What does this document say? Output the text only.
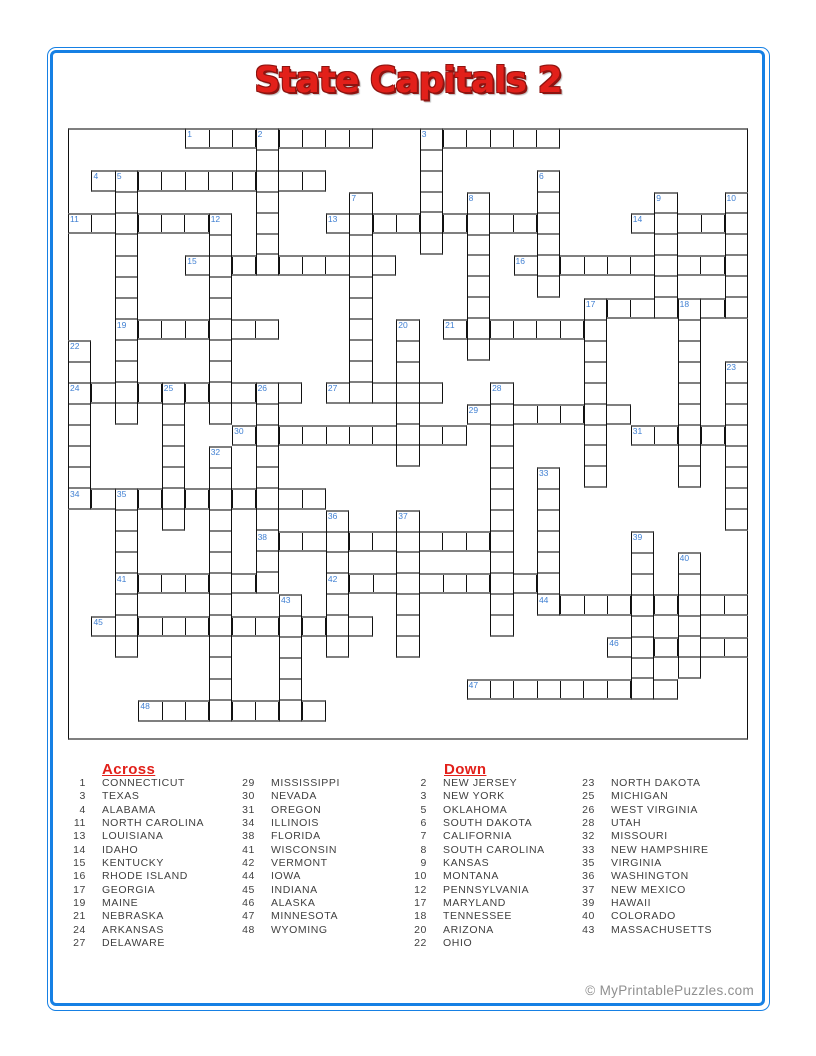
State Capitals 2
1	3
4
11	13	14
15	16
17
19	21
24	27
29
30	31
34
38
41	42
44
45
46
47
48
2
5	6
7	8	9	10
12
18
20
22
23
25	26	28
32
33
35
36	37
39
40
43
Across
1 CONNECTICUT
3 TEXAS
4 ALABAMA
11 NORTH CAROLINA
13 LOUISIANA
14 IDAHO
15 KENTUCKY
16 RHODE ISLAND
17 GEORGIA
19 MAINE
21 NEBRASKA
24 ARKANSAS
27 DELAWARE
29 MISSISSIPPI
30 NEVADA
31 OREGON
34 ILLINOIS
38 FLORIDA
41 WISCONSIN
42 VERMONT
44 IOWA
45 INDIANA
46 ALASKA
47 MINNESOTA
48 WYOMING
Down
2 NEW JERSEY
3 NEW YORK
5 OKLAHOMA
6 SOUTH DAKOTA
7 CALIFORNIA
8 SOUTH CAROLINA
9 KANSAS
10 MONTANA
12 PENNSYLVANIA
17 MARYLAND
18 TENNESSEE
20 ARIZONA
22 OHIO
23 NORTH DAKOTA
25 MICHIGAN
26 WEST VIRGINIA
28 UTAH
32 MISSOURI
33 NEW HAMPSHIRE
35 VIRGINIA
36 WASHINGTON
37 NEW MEXICO
39 HAWAII
40 COLORADO
43 MASSACHUSETTS
© MyPrintablePuzzles.com
